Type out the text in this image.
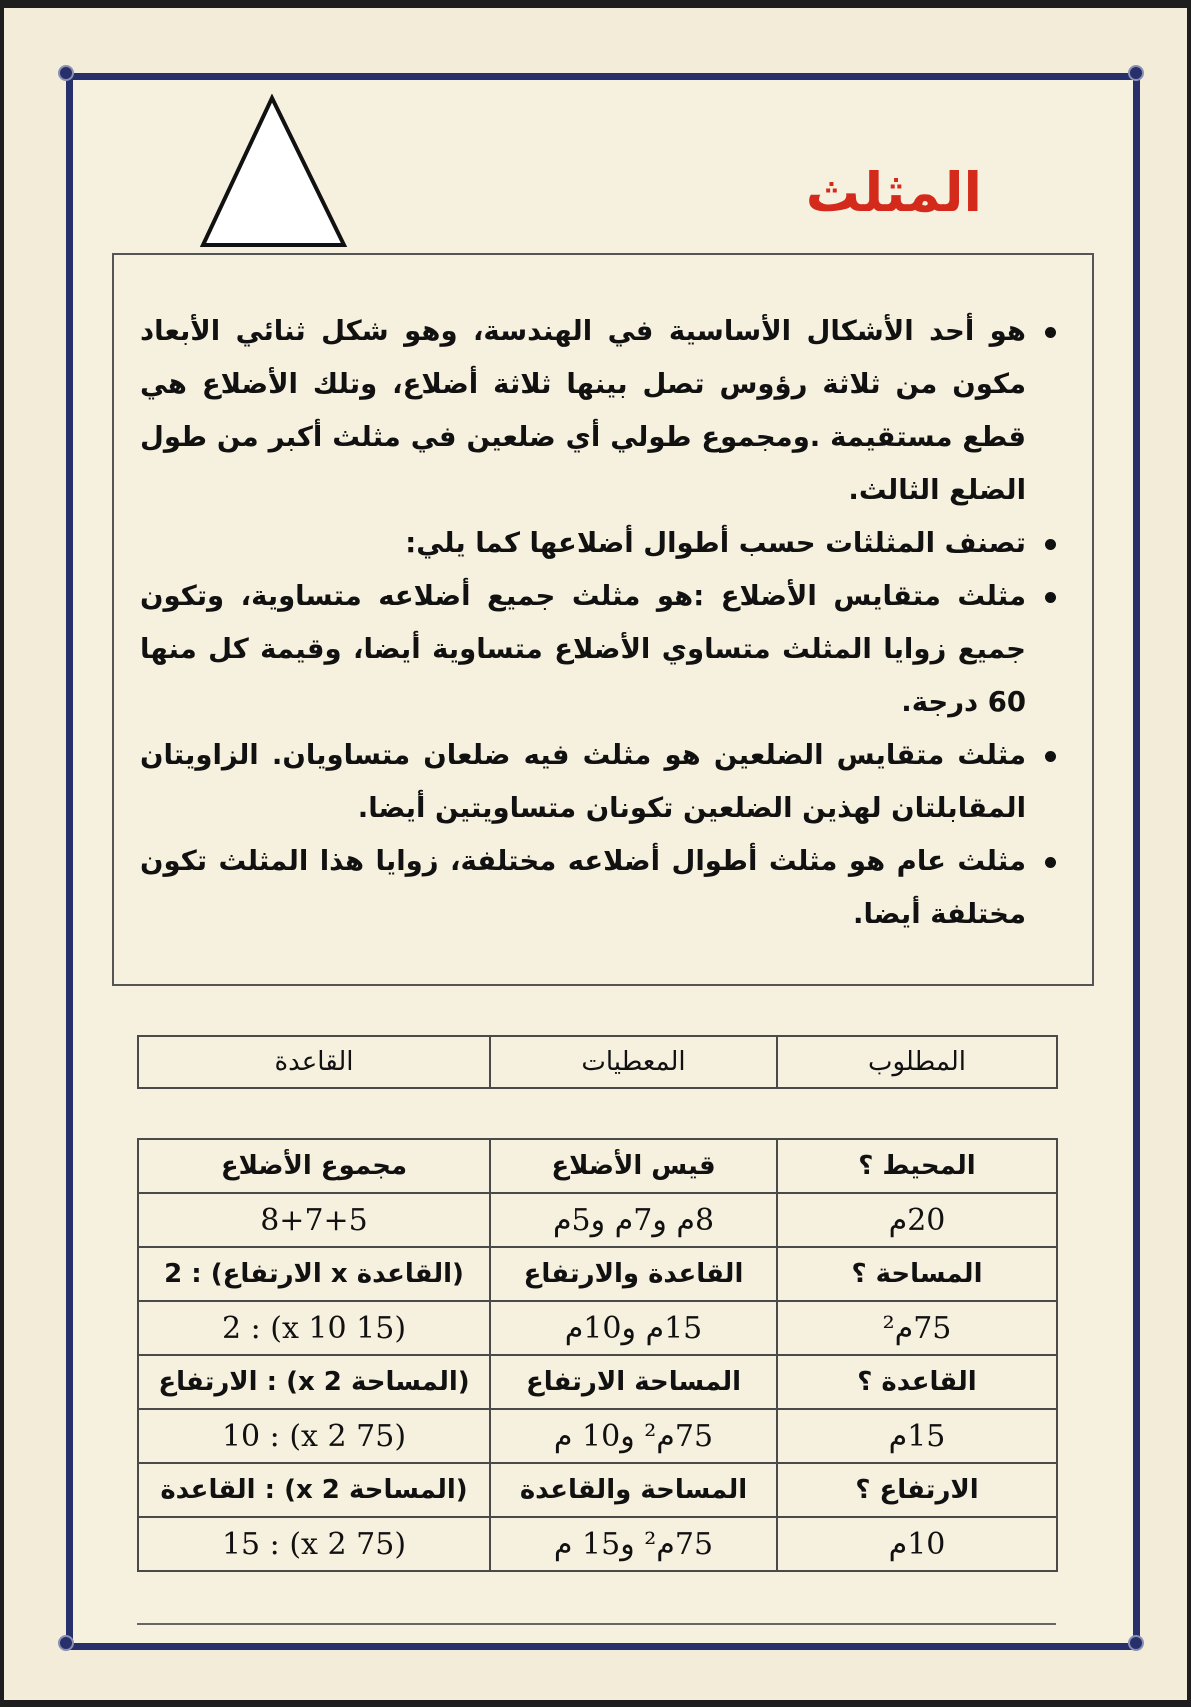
المثلث
هو أحد الأشكال الأساسية في الهندسة، وهو شكل ثنائي الأبعاد مكون من ثلاثة رؤوس تصل بينها ثلاثة أضلاع، وتلك الأضلاع هي قطع مستقيمة .ومجموع طولي أي ضلعين في مثلث أكبر من طول الضلع الثالث.
تصنف المثلثات حسب أطوال أضلاعها كما يلي:
مثلث متقايس الأضلاع :هو مثلث جميع أضلاعه متساوية، وتكون جميع زوايا المثلث متساوي الأضلاع متساوية أيضا، وقيمة كل منها 60 درجة.
مثلث متقايس الضلعين هو مثلث فيه ضلعان متساويان. الزاويتان المقابلتان لهذين الضلعين تكونان متساويتين أيضا.
مثلث عام هو مثلث أطوال أضلاعه مختلفة، زوايا هذا المثلث تكون مختلفة أيضا.
المطلوب	المعطيات	القاعدة
المحيط ؟	قيس الأضلاع	مجموع الأضلاع
20م	8م و7م و5م	8+7+5
المساحة ؟	القاعدة والارتفاع	(القاعدة x الارتفاع) : 2
75م²	15م و10م	(15 x 10) : 2
القاعدة ؟	المساحة الارتفاع	(المساحة x 2) : الارتفاع
15م	75م² و10 م	(75 x 2) : 10
الارتفاع ؟	المساحة والقاعدة	(المساحة x 2) : القاعدة
10م	75م² و15 م	(75 x 2) : 15
